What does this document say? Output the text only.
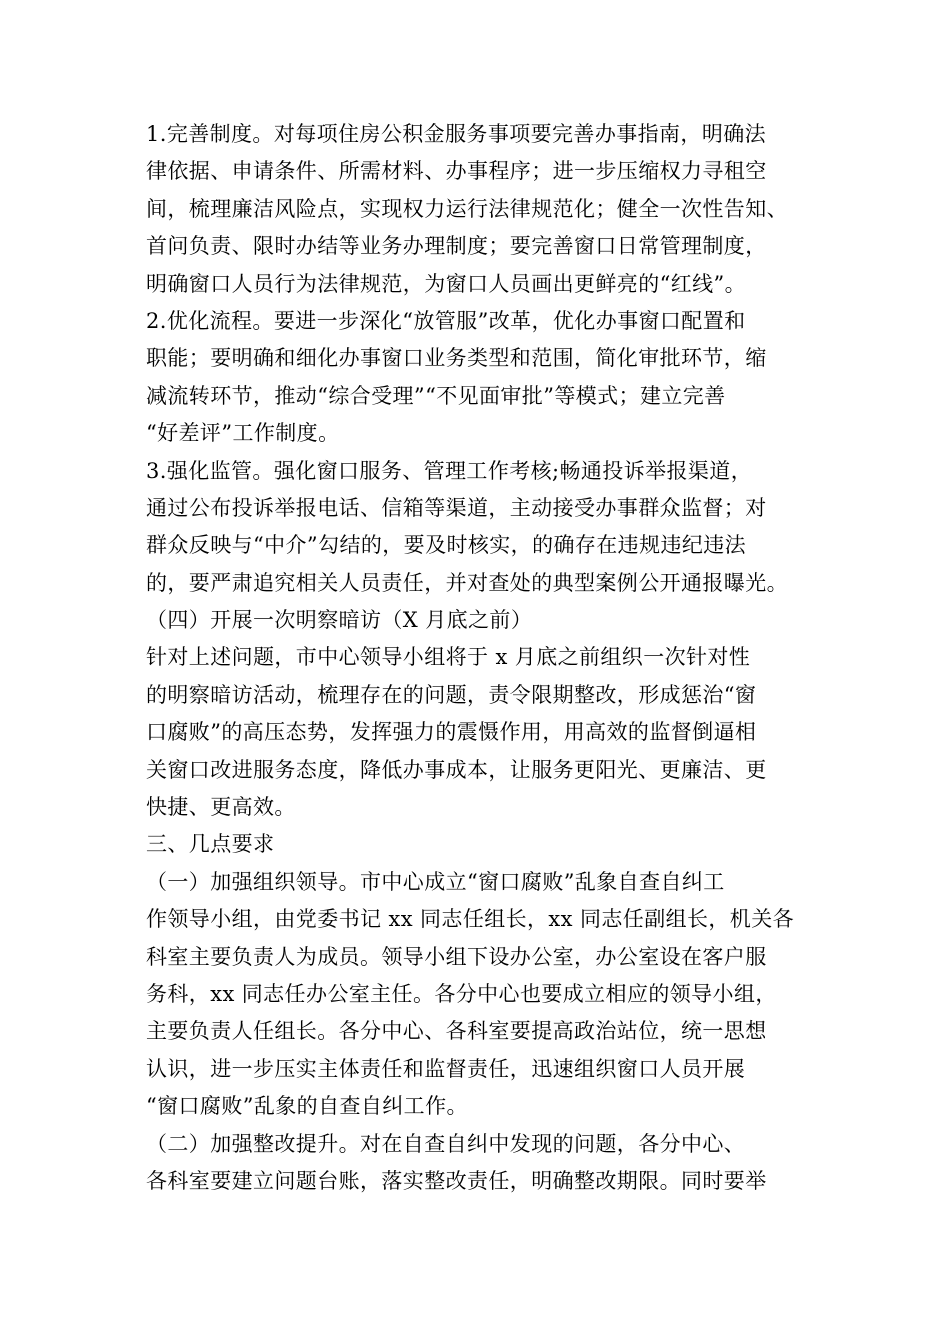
1.完善制度。对每项住房公积金服务事项要完善办事指南，明确法
律依据、申请条件、所需材料、办事程序；进一步压缩权力寻租空
间，梳理廉洁风险点，实现权力运行法律规范化；健全一次性告知、
首问负责、限时办结等业务办理制度；要完善窗口日常管理制度，
明确窗口人员行为法律规范，为窗口人员画出更鲜亮的“红线”。
2.优化流程。要进一步深化“放管服”改革，优化办事窗口配置和
职能；要明确和细化办事窗口业务类型和范围，简化审批环节，缩
减流转环节，推动“综合受理”“不见面审批”等模式；建立完善
“好差评”工作制度。
3.强化监管。强化窗口服务、管理工作考核;畅通投诉举报渠道，
通过公布投诉举报电话、信箱等渠道，主动接受办事群众监督；对
群众反映与“中介”勾结的，要及时核实，的确存在违规违纪违法
的，要严肃追究相关人员责任，并对查处的典型案例公开通报曝光。
（四）开展一次明察暗访（X 月底之前）
针对上述问题，市中心领导小组将于 x 月底之前组织一次针对性
的明察暗访活动，梳理存在的问题，责令限期整改，形成惩治“窗
口腐败”的高压态势，发挥强力的震慑作用，用高效的监督倒逼相
关窗口改进服务态度，降低办事成本，让服务更阳光、更廉洁、更
快捷、更高效。
三、几点要求
（一）加强组织领导。市中心成立“窗口腐败”乱象自查自纠工
作领导小组，由党委书记 xx 同志任组长，xx 同志任副组长，机关各
科室主要负责人为成员。领导小组下设办公室，办公室设在客户服
务科，xx 同志任办公室主任。各分中心也要成立相应的领导小组，
主要负责人任组长。各分中心、各科室要提高政治站位，统一思想
认识，进一步压实主体责任和监督责任，迅速组织窗口人员开展
“窗口腐败”乱象的自查自纠工作。
（二）加强整改提升。对在自查自纠中发现的问题，各分中心、
各科室要建立问题台账，落实整改责任，明确整改期限。同时要举
